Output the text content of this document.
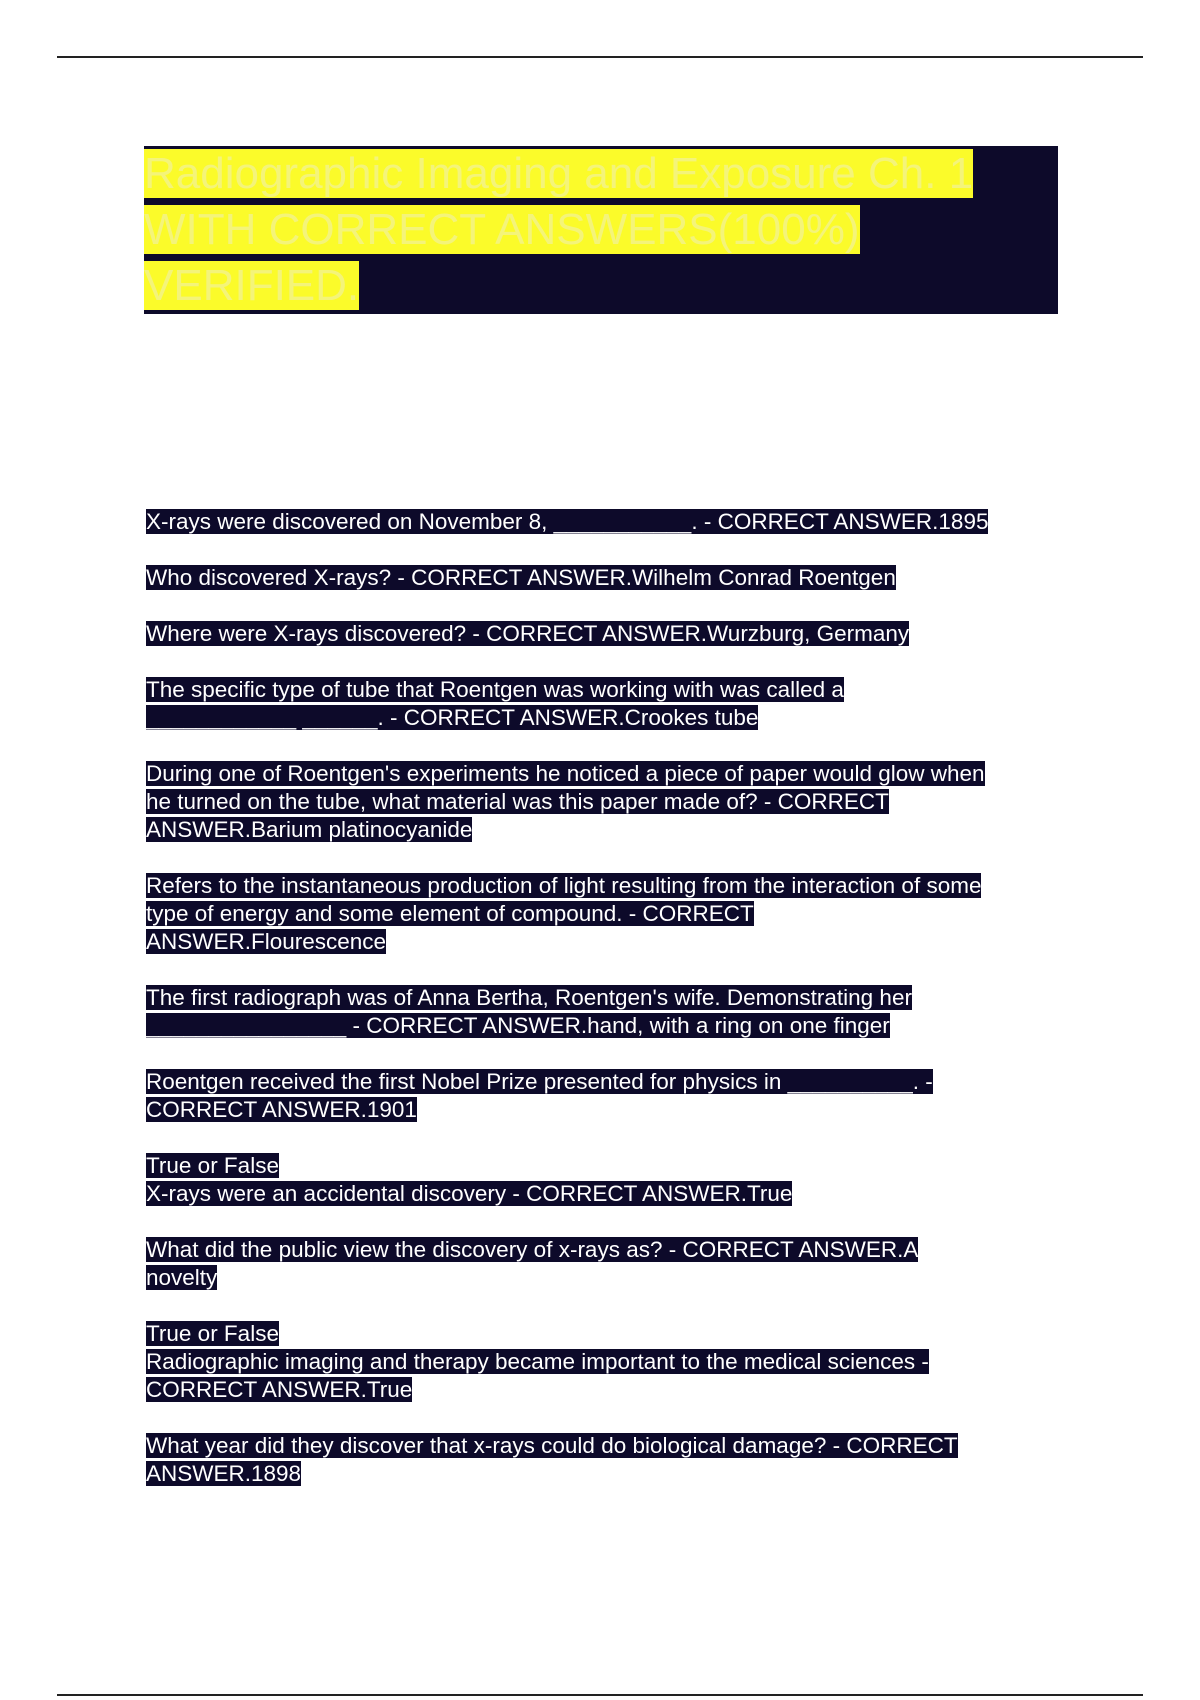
Radiographic Imaging and Exposure Ch. 1 WITH CORRECT ANSWERS(100%) VERIFIED.

X-rays were discovered on November 8, ___________. - CORRECT ANSWER.1895

Who discovered X-rays? - CORRECT ANSWER.Wilhelm Conrad Roentgen

Where were X-rays discovered? - CORRECT ANSWER.Wurzburg, Germany

The specific type of tube that Roentgen was working with was called a
____________ ______. - CORRECT ANSWER.Crookes tube

During one of Roentgen's experiments he noticed a piece of paper would glow when
he turned on the tube, what material was this paper made of? - CORRECT
ANSWER.Barium platinocyanide

Refers to the instantaneous production of light resulting from the interaction of some
type of energy and some element of compound. - CORRECT
ANSWER.Flourescence

The first radiograph was of Anna Bertha, Roentgen's wife. Demonstrating her
________________ - CORRECT ANSWER.hand, with a ring on one finger

Roentgen received the first Nobel Prize presented for physics in __________. -
CORRECT ANSWER.1901

True or False
X-rays were an accidental discovery - CORRECT ANSWER.True

What did the public view the discovery of x-rays as? - CORRECT ANSWER.A
novelty

True or False
Radiographic imaging and therapy became important to the medical sciences -
CORRECT ANSWER.True

What year did they discover that x-rays could do biological damage? - CORRECT
ANSWER.1898
